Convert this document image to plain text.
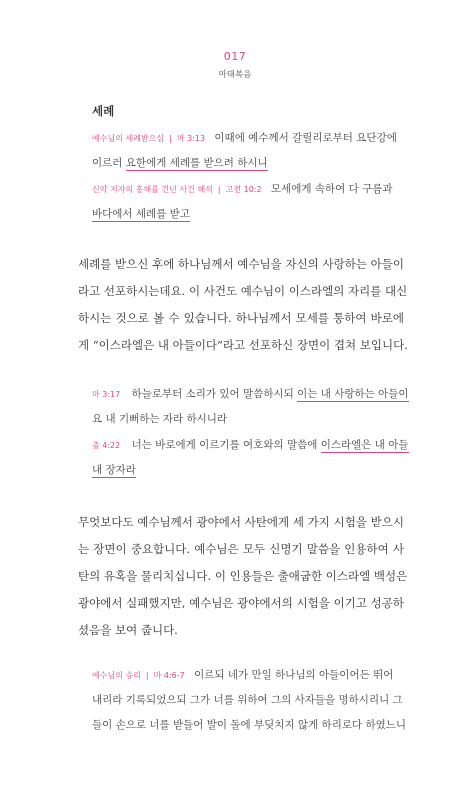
017
마태복음
세례
예수님의 세례받으심 | 마 3:13 이때에 예수께서 갈릴리로부터 요단강에
이르러 요한에게 세례를 받으려 하시니
신약 저자의 홍해를 건넌 사건 해석 | 고전 10:2 모세에게 속하여 다 구름과
바다에서 세례를 받고
세례를 받으신 후에 하나님께서 예수님을 자신의 사랑하는 아들이
라고 선포하시는데요. 이 사건도 예수님이 이스라엘의 자리를 대신
하시는 것으로 볼 수 있습니다. 하나님께서 모세를 통하여 바로에
게 “이스라엘은 내 아들이다”라고 선포하신 장면이 겹쳐 보입니다.
마 3:17 하늘로부터 소리가 있어 말씀하시되 이는 내 사랑하는 아들이
요 내 기뻐하는 자라 하시니라
출 4:22 너는 바로에게 이르기를 여호와의 말씀에 이스라엘은 내 아들
내 장자라
무엇보다도 예수님께서 광야에서 사탄에게 세 가지 시험을 받으시
는 장면이 중요합니다. 예수님은 모두 신명기 말씀을 인용하여 사
탄의 유혹을 물리치십니다. 이 인용들은 출애굽한 이스라엘 백성은
광야에서 실패했지만, 예수님은 광야에서의 시험을 이기고 성공하
셨음을 보여 줍니다.
예수님의 승리 | 마 4:6-7 이르되 네가 만일 하나님의 아들이어든 뛰어
내리라 기록되었으되 그가 너를 위하여 그의 사자들을 명하시리니 그
들이 손으로 너를 받들어 발이 돌에 부딪치지 않게 하리로다 하였느니
